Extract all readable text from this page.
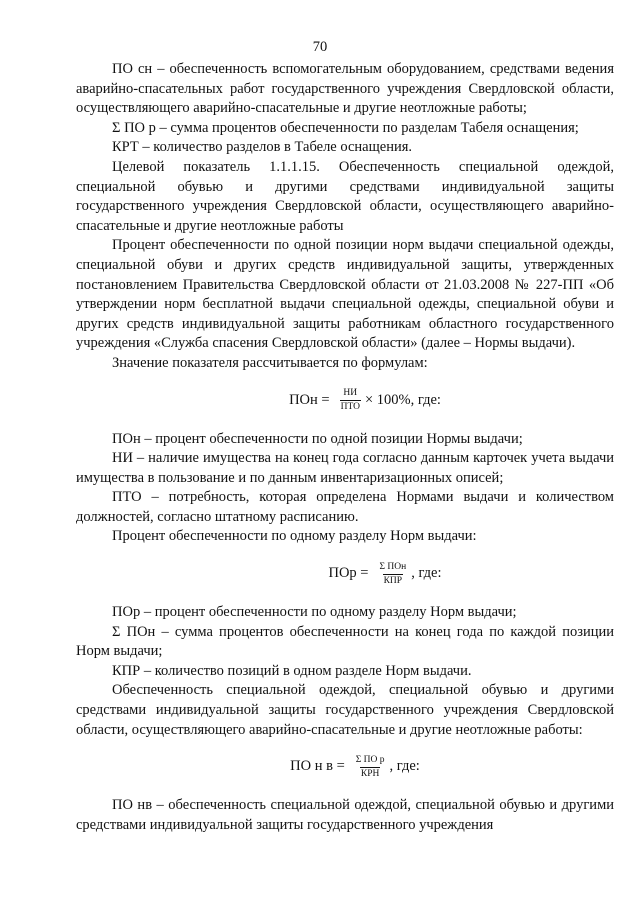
70

ПО сн – обеспеченность вспомогательным оборудованием, средствами ведения аварийно-спасательных работ государственного учреждения Свердловской области, осуществляющего аварийно-спасательные и другие неотложные работы;

Σ ПО р – сумма процентов обеспеченности по разделам Табеля оснащения;

КРТ – количество разделов в Табеле оснащения.

Целевой показатель 1.1.1.15. Обеспеченность специальной одеждой, специальной обувью и другими средствами индивидуальной защиты государственного учреждения Свердловской области, осуществляющего аварийно-спасательные и другие неотложные работы

Процент обеспеченности по одной позиции норм выдачи специальной одежды, специальной обуви и других средств индивидуальной защиты, утвержденных постановлением Правительства Свердловской области от 21.03.2008 № 227-ПП «Об утверждении норм бесплатной выдачи специальной одежды, специальной обуви и других средств индивидуальной защиты работникам областного государственного учреждения «Служба спасения Свердловской области» (далее – Нормы выдачи).

Значение показателя рассчитывается по формулам:

ПОн = $\frac{НИ}{\text{ПТО}} \times 100\%$, где:

ПОн – процент обеспеченности по одной позиции Нормы выдачи;

НИ – наличие имущества на конец года согласно данным карточек учета выдачи имущества в пользование и по данным инвентаризационных описей;

ПТО – потребность, которая определена Нормами выдачи и количеством должностей, согласно штатному расписанию.

Процент обеспеченности по одному разделу Норм выдачи:

ПОр = $\frac{\text{Σ ПОн}}{\text{КПР}}$ , где:

ПОр – процент обеспеченности по одному разделу Норм выдачи;

Σ ПОн – сумма процентов обеспеченности на конец года по каждой позиции Норм выдачи;

КПР – количество позиций в одном разделе Норм выдачи.

Обеспеченность специальной одеждой, специальной обувью и другими средствами индивидуальной защиты государственного учреждения Свердловской области, осуществляющего аварийно-спасательные и другие неотложные работы:

ПО н $в = \frac{\text{Σ ПО р}}{\text{КРН}}$ , где:

ПО нв – обеспеченность специальной одеждой, специальной обувью и другими средствами индивидуальной защиты государственного учреждения
